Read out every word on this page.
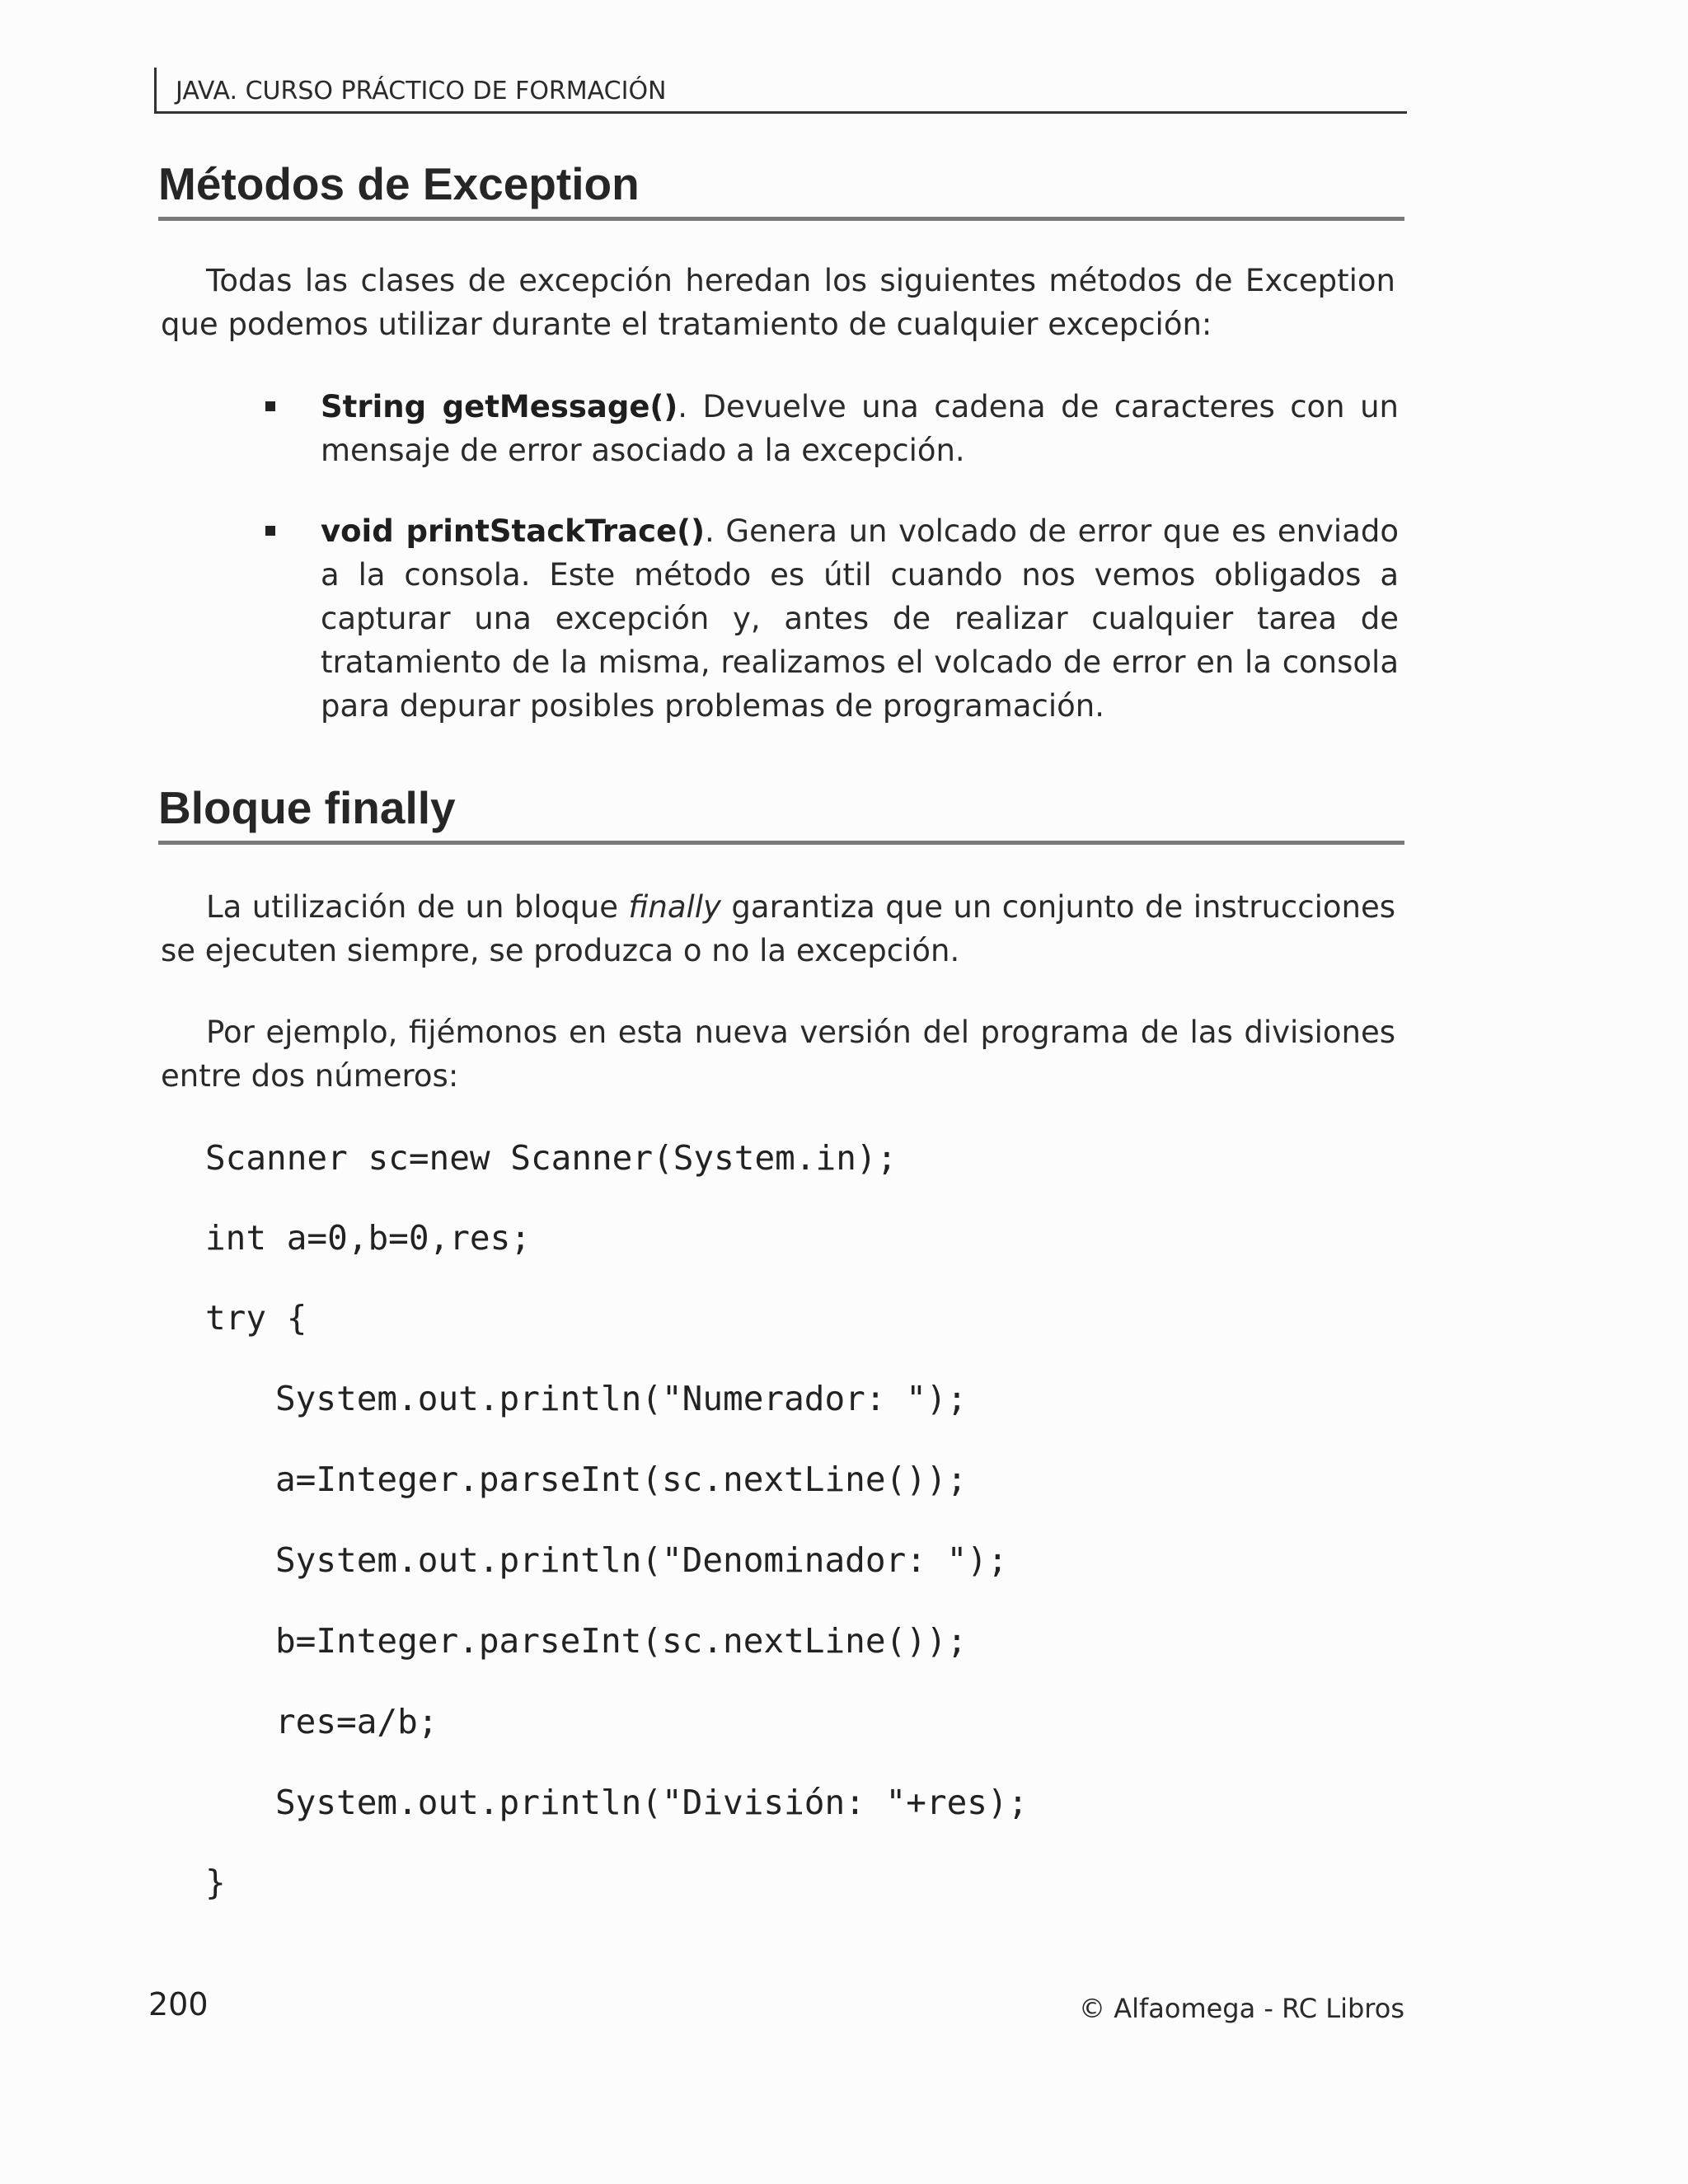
JAVA. CURSO PRÁCTICO DE FORMACIÓN
Métodos de Exception

Todas las clases de excepción heredan los siguientes métodos de Exception que podemos utilizar durante el tratamiento de cualquier excepción:

String getMessage(). Devuelve una cadena de caracteres con un mensaje de error asociado a la excepción.

void printStackTrace(). Genera un volcado de error que es enviado a la consola. Este método es útil cuando nos vemos obligados a capturar una excepción y, antes de realizar cualquier tarea de tratamiento de la misma, realizamos el volcado de error en la consola para depurar posibles problemas de programación.

Bloque finally

La utilización de un bloque finally garantiza que un conjunto de instrucciones se ejecuten siempre, se produzca o no la excepción.

Por ejemplo, fijémonos en esta nueva versión del programa de las divisiones entre dos números:

Scanner sc=new Scanner(System.in);

int a=0,b=0,res;

try {

System.out.println("Numerador: ");

a=Integer.parseInt(sc.nextLine());

System.out.println("Denominador: ");

b=Integer.parseInt(sc.nextLine());

res=a/b;

System.out.println("División: "+res);

}

200	© Alfaomega - RC Libros
